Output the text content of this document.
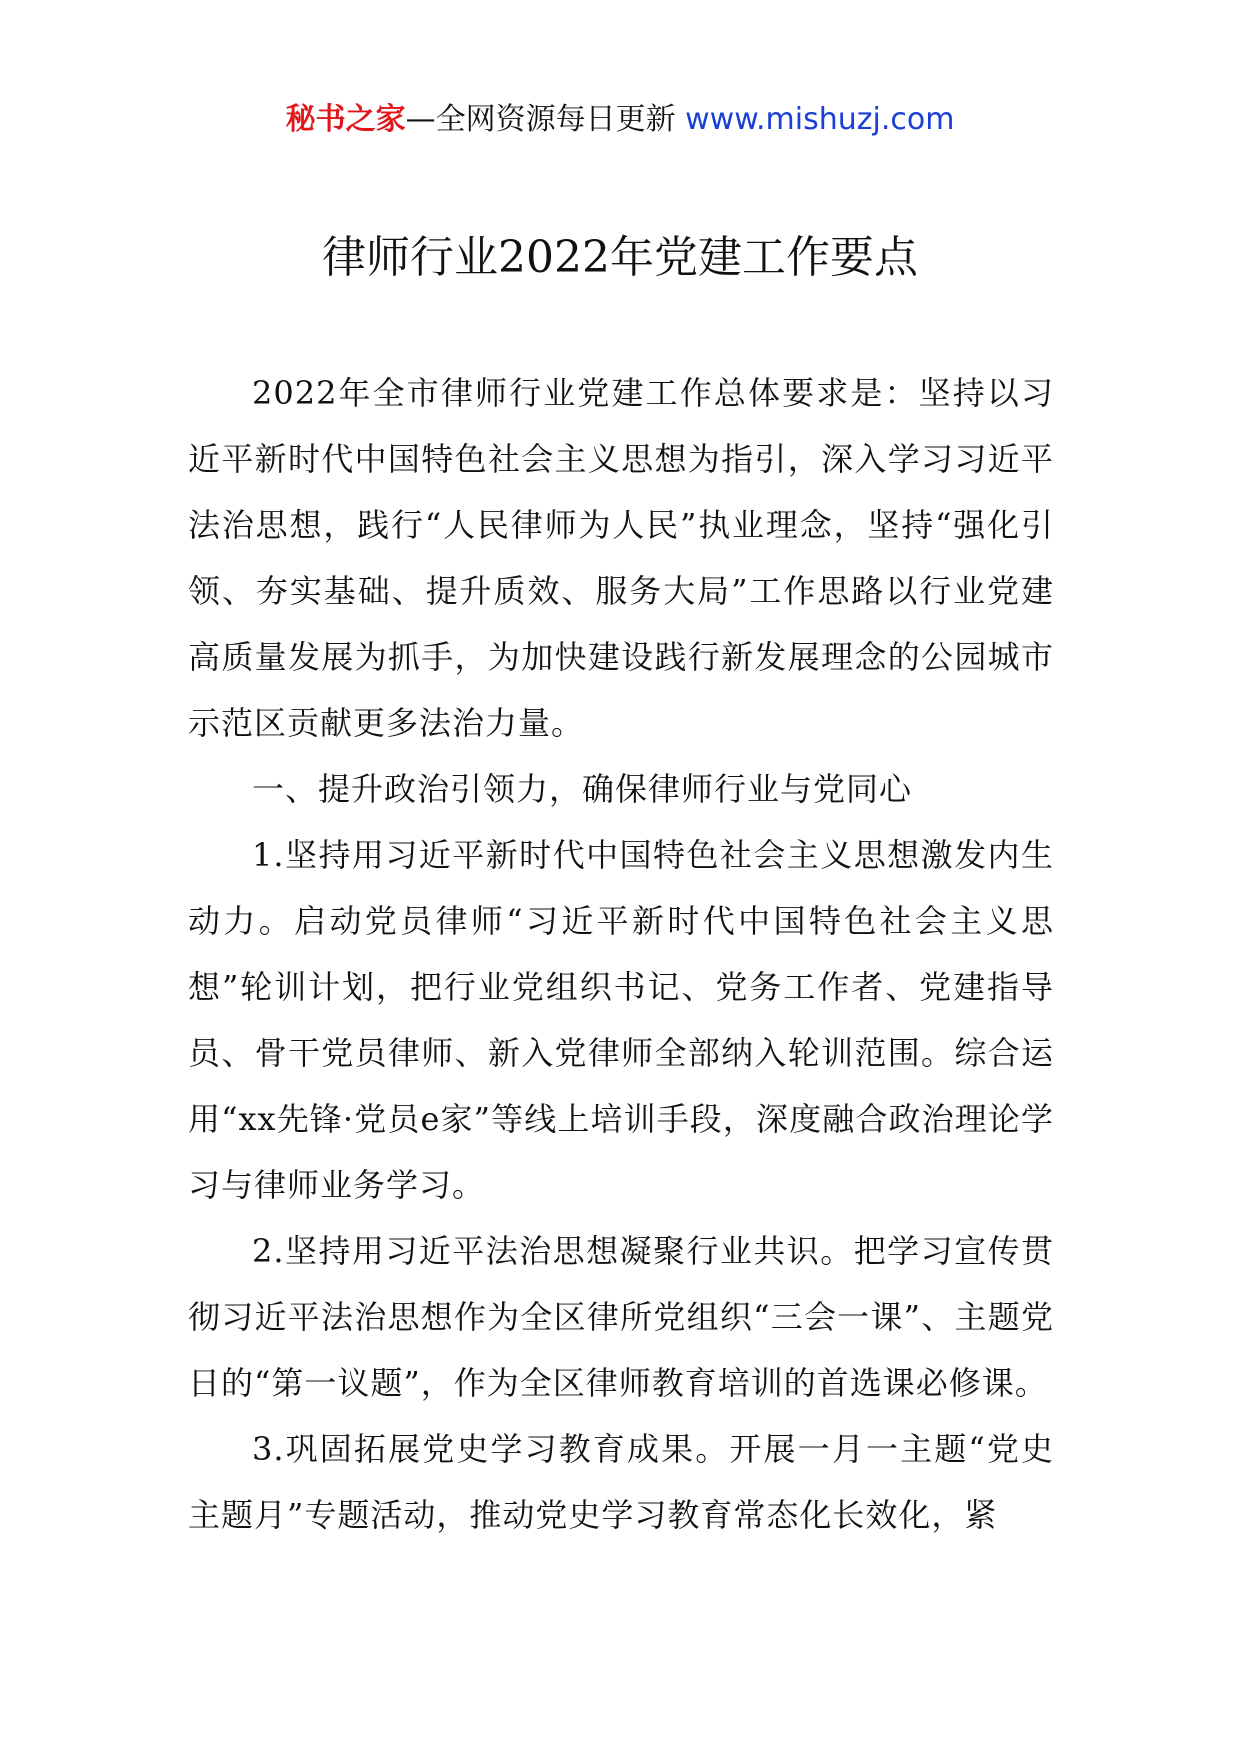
秘书之家—全网资源每日更新 www.mishuzj.com
律师行业2022年党建工作要点

2022年全市律师行业党建工作总体要求是：坚持以习近平新时代中国特色社会主义思想为指引，深入学习习近平法治思想，践行“人民律师为人民”执业理念，坚持“强化引领、夯实基础、提升质效、服务大局”工作思路以行业党建高质量发展为抓手，为加快建设践行新发展理念的公园城市示范区贡献更多法治力量。

一、提升政治引领力，确保律师行业与党同心

1.坚持用习近平新时代中国特色社会主义思想激发内生动力。启动党员律师“习近平新时代中国特色社会主义思想”轮训计划，把行业党组织书记、党务工作者、党建指导员、骨干党员律师、新入党律师全部纳入轮训范围。综合运用“xx先锋·党员e家”等线上培训手段，深度融合政治理论学习与律师业务学习。

2.坚持用习近平法治思想凝聚行业共识。把学习宣传贯彻习近平法治思想作为全区律所党组织“三会一课”、主题党日的“第一议题”，作为全区律师教育培训的首选课必修课。

3.巩固拓展党史学习教育成果。开展一月一主题“党史主题月”专题活动，推动党史学习教育常态化长效化，紧
